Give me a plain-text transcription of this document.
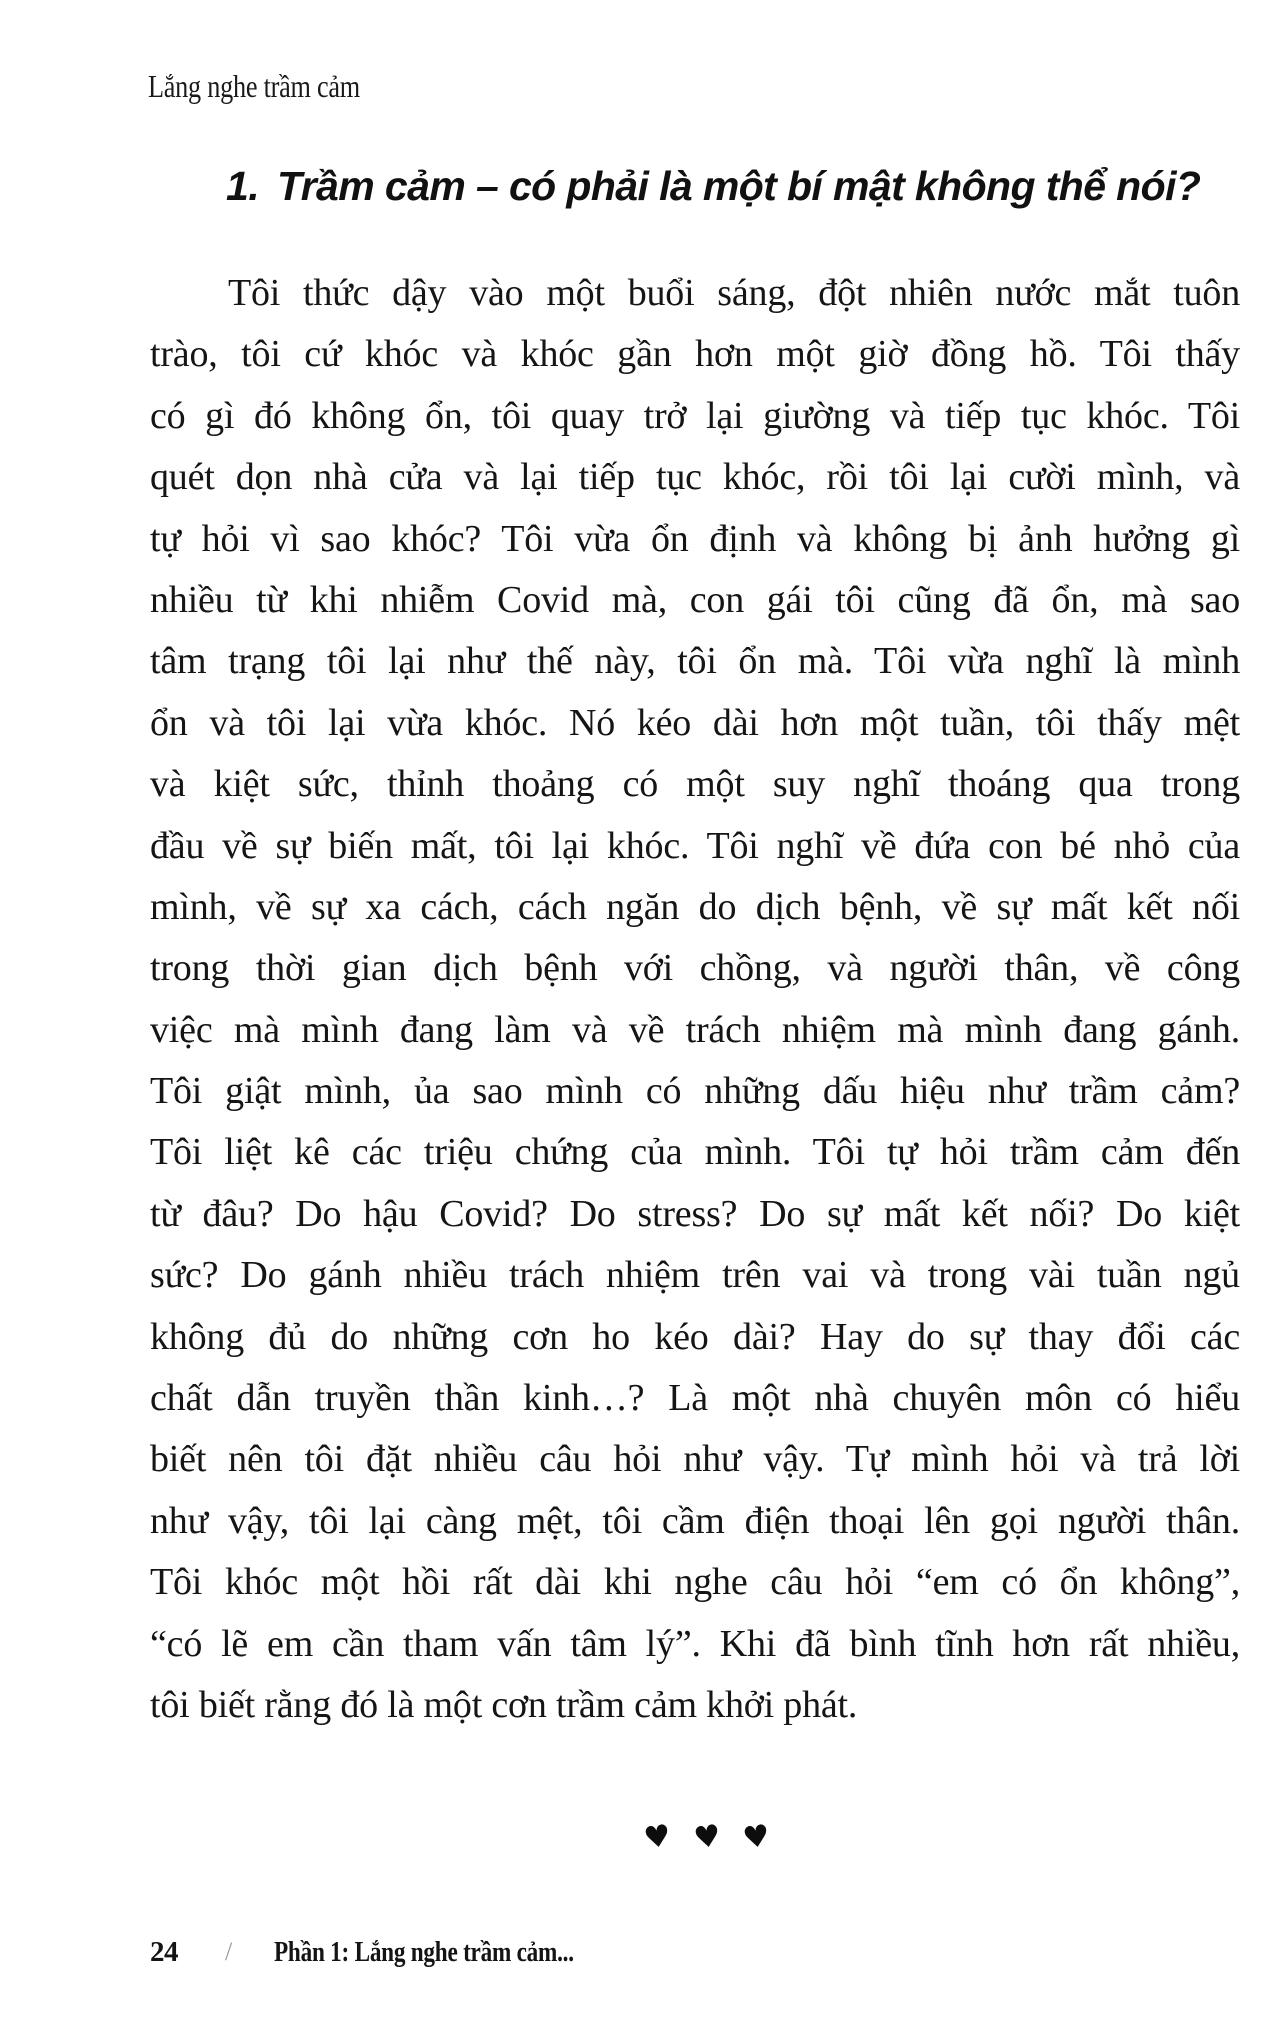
Lắng nghe trầm cảm
1. Trầm cảm – có phải là một bí mật không thể nói?
Tôi thức dậy vào một buổi sáng, đột nhiên nước mắt tuôn
trào, tôi cứ khóc và khóc gần hơn một giờ đồng hồ. Tôi thấy
có gì đó không ổn, tôi quay trở lại giường và tiếp tục khóc. Tôi
quét dọn nhà cửa và lại tiếp tục khóc, rồi tôi lại cười mình, và
tự hỏi vì sao khóc? Tôi vừa ổn định và không bị ảnh hưởng gì
nhiều từ khi nhiễm Covid mà, con gái tôi cũng đã ổn, mà sao
tâm trạng tôi lại như thế này, tôi ổn mà. Tôi vừa nghĩ là mình
ổn và tôi lại vừa khóc. Nó kéo dài hơn một tuần, tôi thấy mệt
và kiệt sức, thỉnh thoảng có một suy nghĩ thoáng qua trong
đầu về sự biến mất, tôi lại khóc. Tôi nghĩ về đứa con bé nhỏ của
mình, về sự xa cách, cách ngăn do dịch bệnh, về sự mất kết nối
trong thời gian dịch bệnh với chồng, và người thân, về công
việc mà mình đang làm và về trách nhiệm mà mình đang gánh.
Tôi giật mình, ủa sao mình có những dấu hiệu như trầm cảm?
Tôi liệt kê các triệu chứng của mình. Tôi tự hỏi trầm cảm đến
từ đâu? Do hậu Covid? Do stress? Do sự mất kết nối? Do kiệt
sức? Do gánh nhiều trách nhiệm trên vai và trong vài tuần ngủ
không đủ do những cơn ho kéo dài? Hay do sự thay đổi các
chất dẫn truyền thần kinh…? Là một nhà chuyên môn có hiểu
biết nên tôi đặt nhiều câu hỏi như vậy. Tự mình hỏi và trả lời
như vậy, tôi lại càng mệt, tôi cầm điện thoại lên gọi người thân.
Tôi khóc một hồi rất dài khi nghe câu hỏi “em có ổn không”,
“có lẽ em cần tham vấn tâm lý”. Khi đã bình tĩnh hơn rất nhiều,
tôi biết rằng đó là một cơn trầm cảm khởi phát.
♥ ♥ ♥
24 / Phần 1: Lắng nghe trầm cảm...
